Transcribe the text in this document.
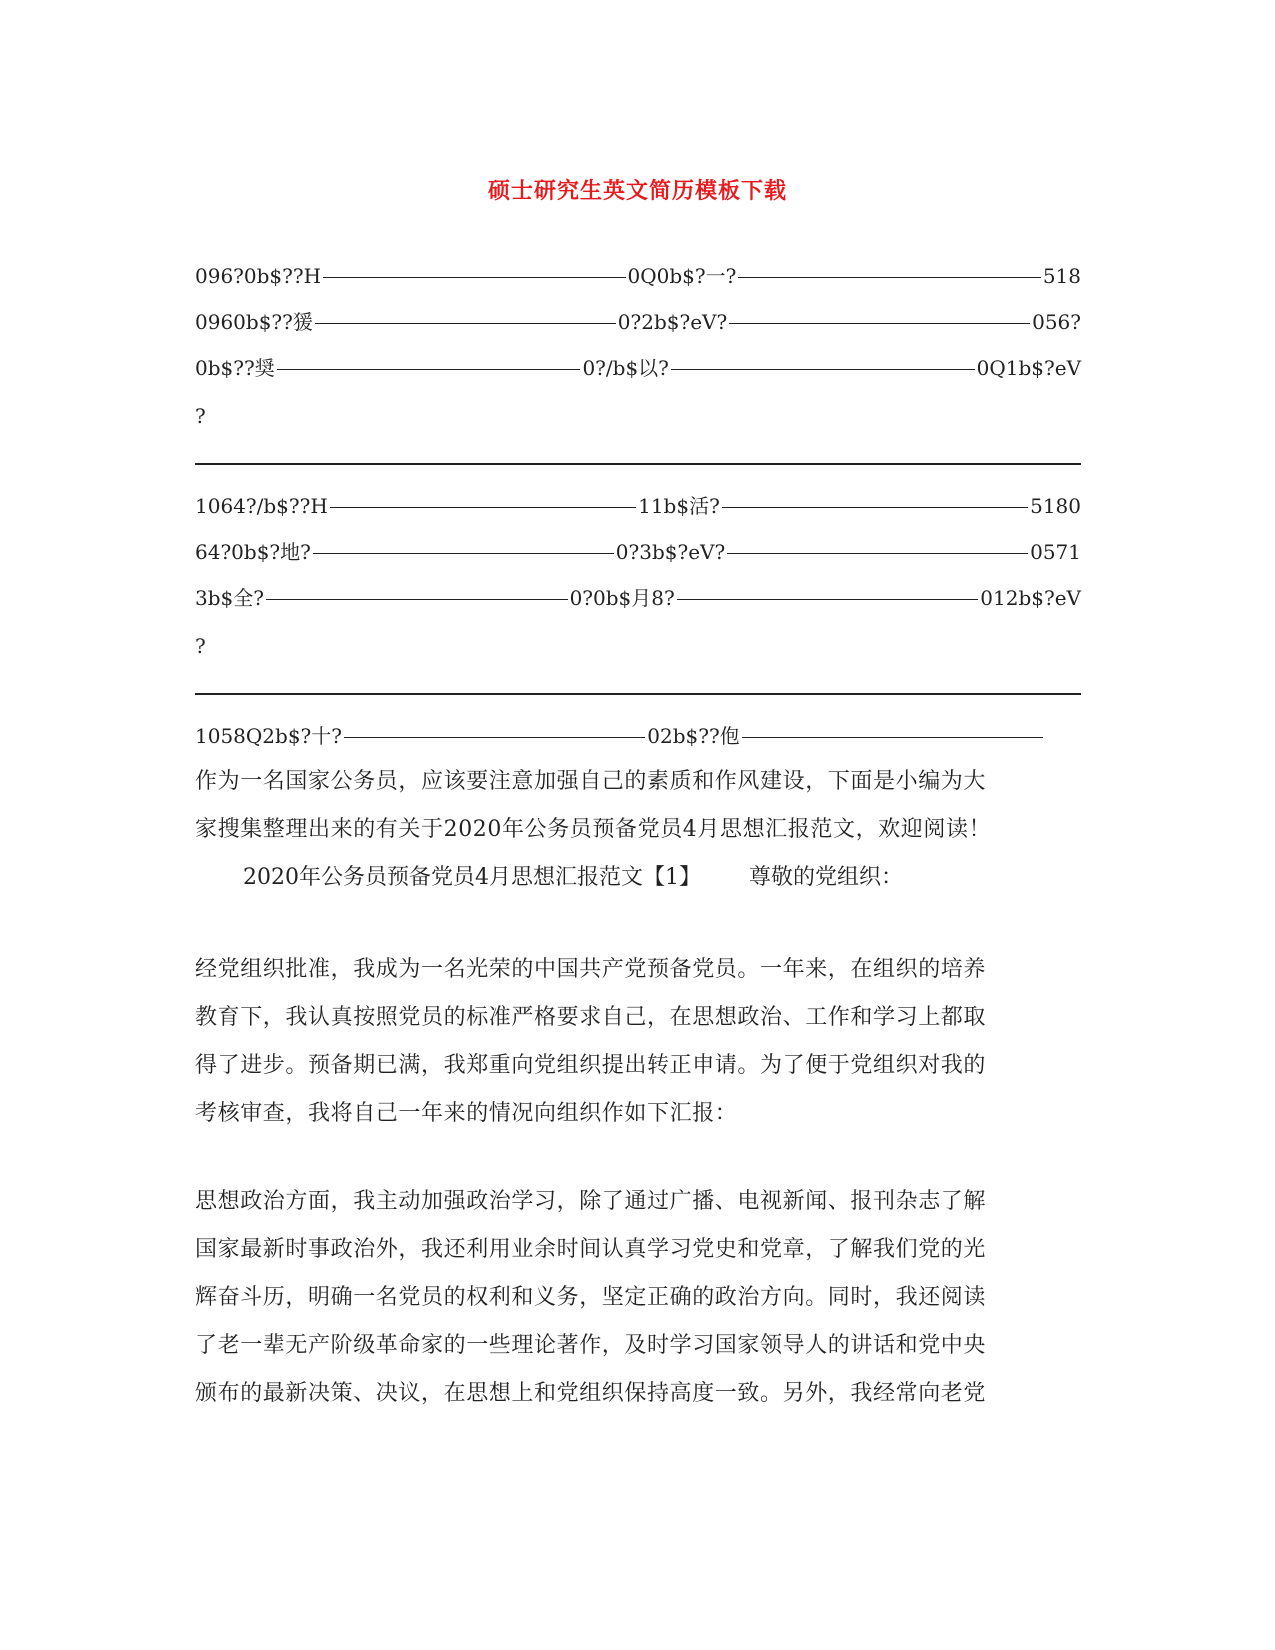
硕士研究生英文简历模板下载
096?0b$??H	0Q0b$?一?	518
0960b$??猨	0?2b$?eV?	056?
0b$??奨	0?/b$以?	0Q1b$?eV
?
1064?/b$??H	11b$活?	5180
64?0b$?地?	0?3b$?eV?	0571
3b$全?	0?0b$月8?	012b$?eV
?
1058Q2b$?十?	02b$??佨

作为一名国家公务员，应该要注意加强自己的素质和作风建设，下面是小编为大
家搜集整理出来的有关于2020年公务员预备党员4月思想汇报范文，欢迎阅读！

2020年公务员预备党员4月思想汇报范文【1】 尊敬的党组织：

经党组织批准，我成为一名光荣的中国共产党预备党员。一年来，在组织的培养
教育下，我认真按照党员的标准严格要求自己，在思想政治、工作和学习上都取
得了进步。预备期已满，我郑重向党组织提出转正申请。为了便于党组织对我的
考核审查，我将自己一年来的情况向组织作如下汇报：

思想政治方面，我主动加强政治学习，除了通过广播、电视新闻、报刊杂志了解
国家最新时事政治外，我还利用业余时间认真学习党史和党章，了解我们党的光
辉奋斗历，明确一名党员的权利和义务，坚定正确的政治方向。同时，我还阅读
了老一辈无产阶级革命家的一些理论著作，及时学习国家领导人的讲话和党中央
颁布的最新决策、决议，在思想上和党组织保持高度一致。另外，我经常向老党
